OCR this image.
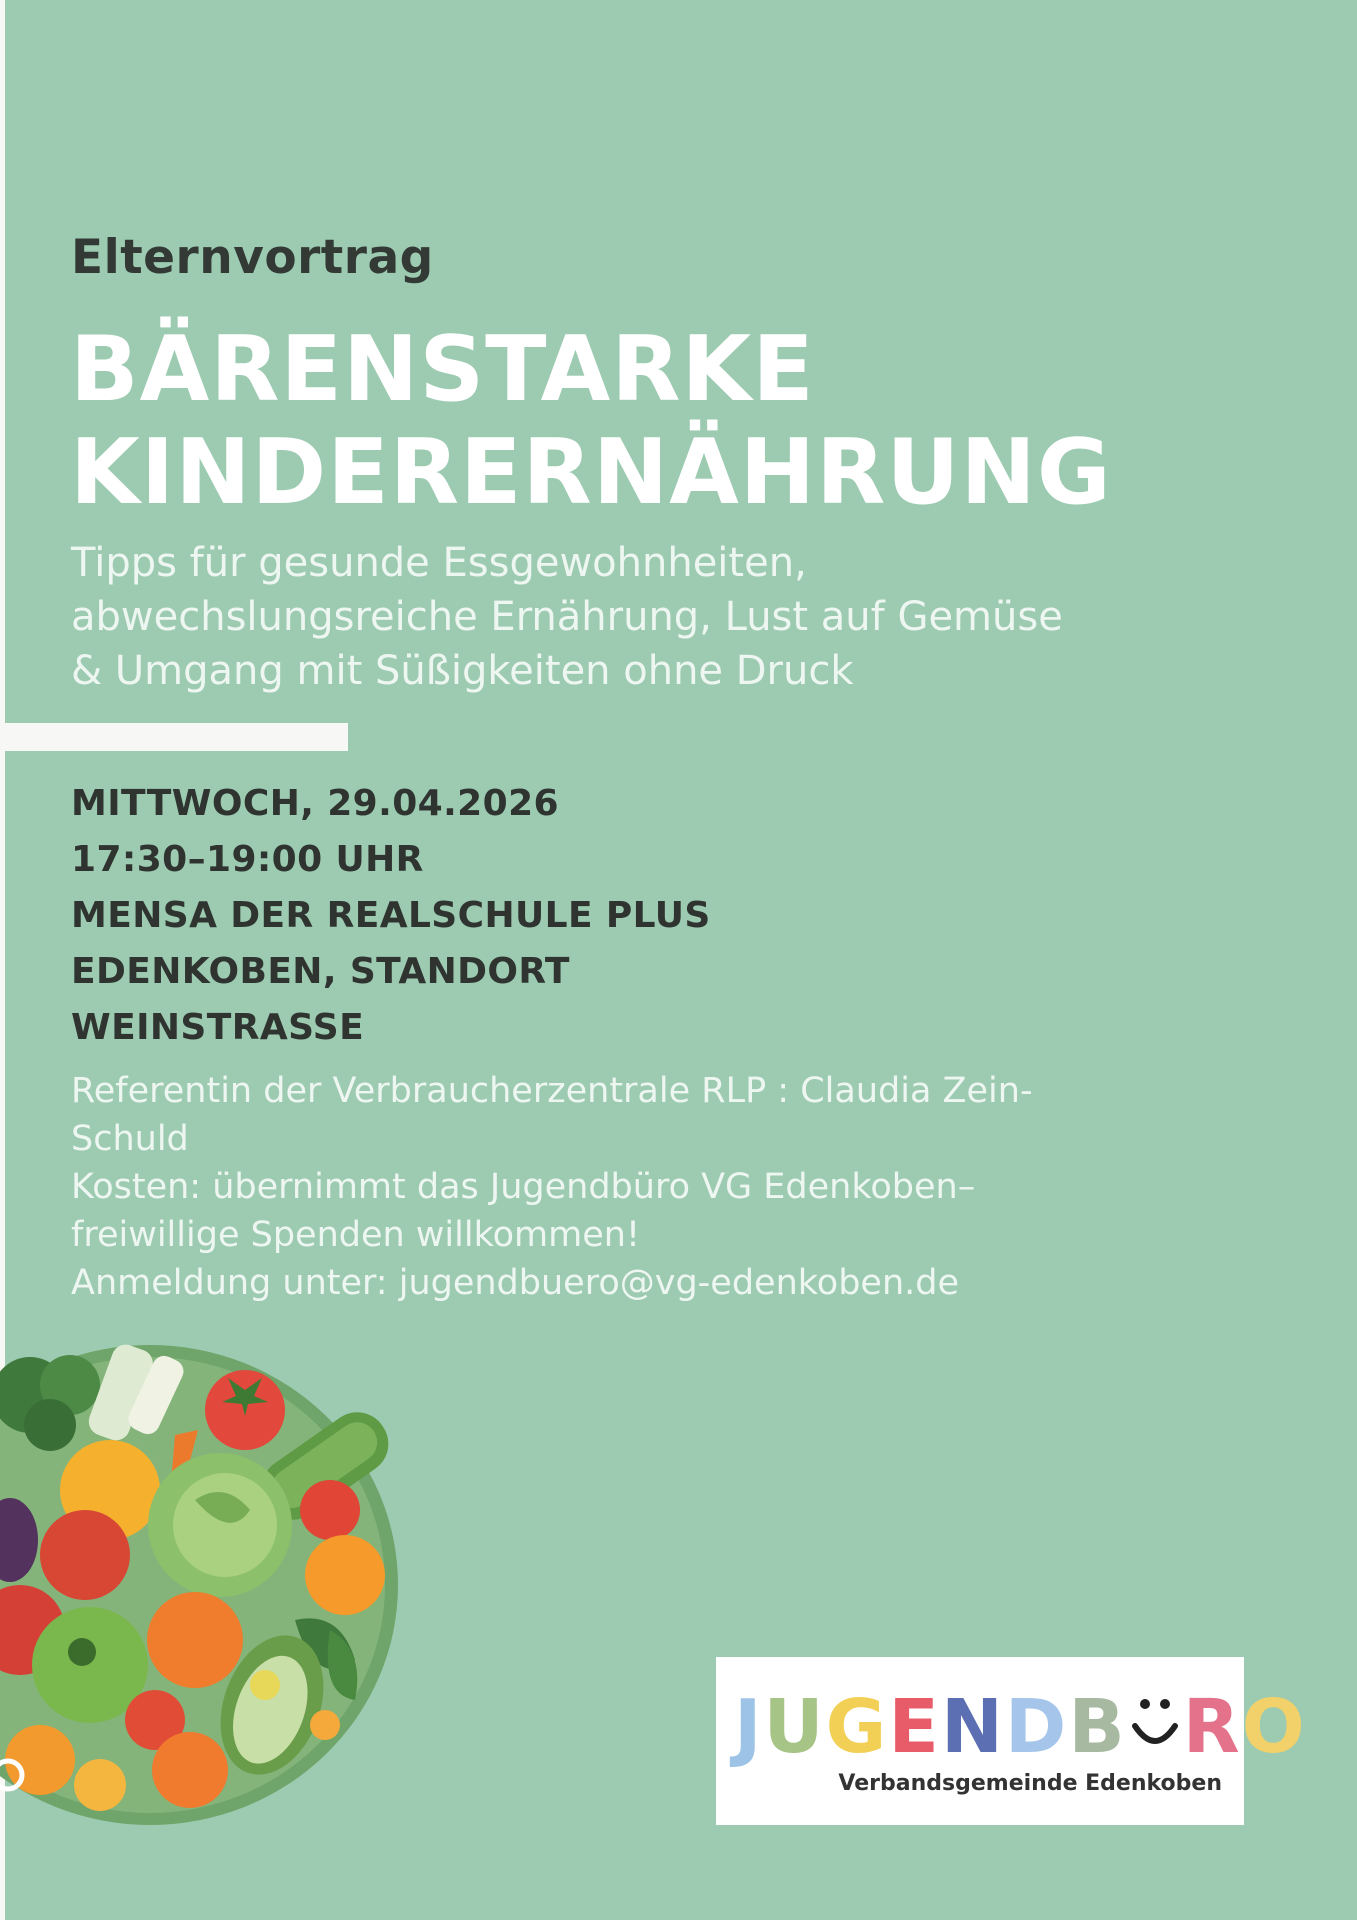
Elternvortrag
BÄRENSTARKE
KINDERERNÄHRUNG
Tipps für gesunde Essgewohnheiten,
abwechslungsreiche Ernährung, Lust auf Gemüse
& Umgang mit Süßigkeiten ohne Druck
MITTWOCH, 29.04.2026
17:30–19:00 UHR
MENSA DER REALSCHULE PLUS
EDENKOBEN, STANDORT
WEINSTRASSE
Referentin der Verbraucherzentrale RLP : Claudia Zein-
Schuld
Kosten: übernimmt das Jugendbüro VG Edenkoben–
freiwillige Spenden willkommen!
Anmeldung unter: jugendbuero@vg-edenkoben.de
JUGENDB RO
Verbandsgemeinde Edenkoben
